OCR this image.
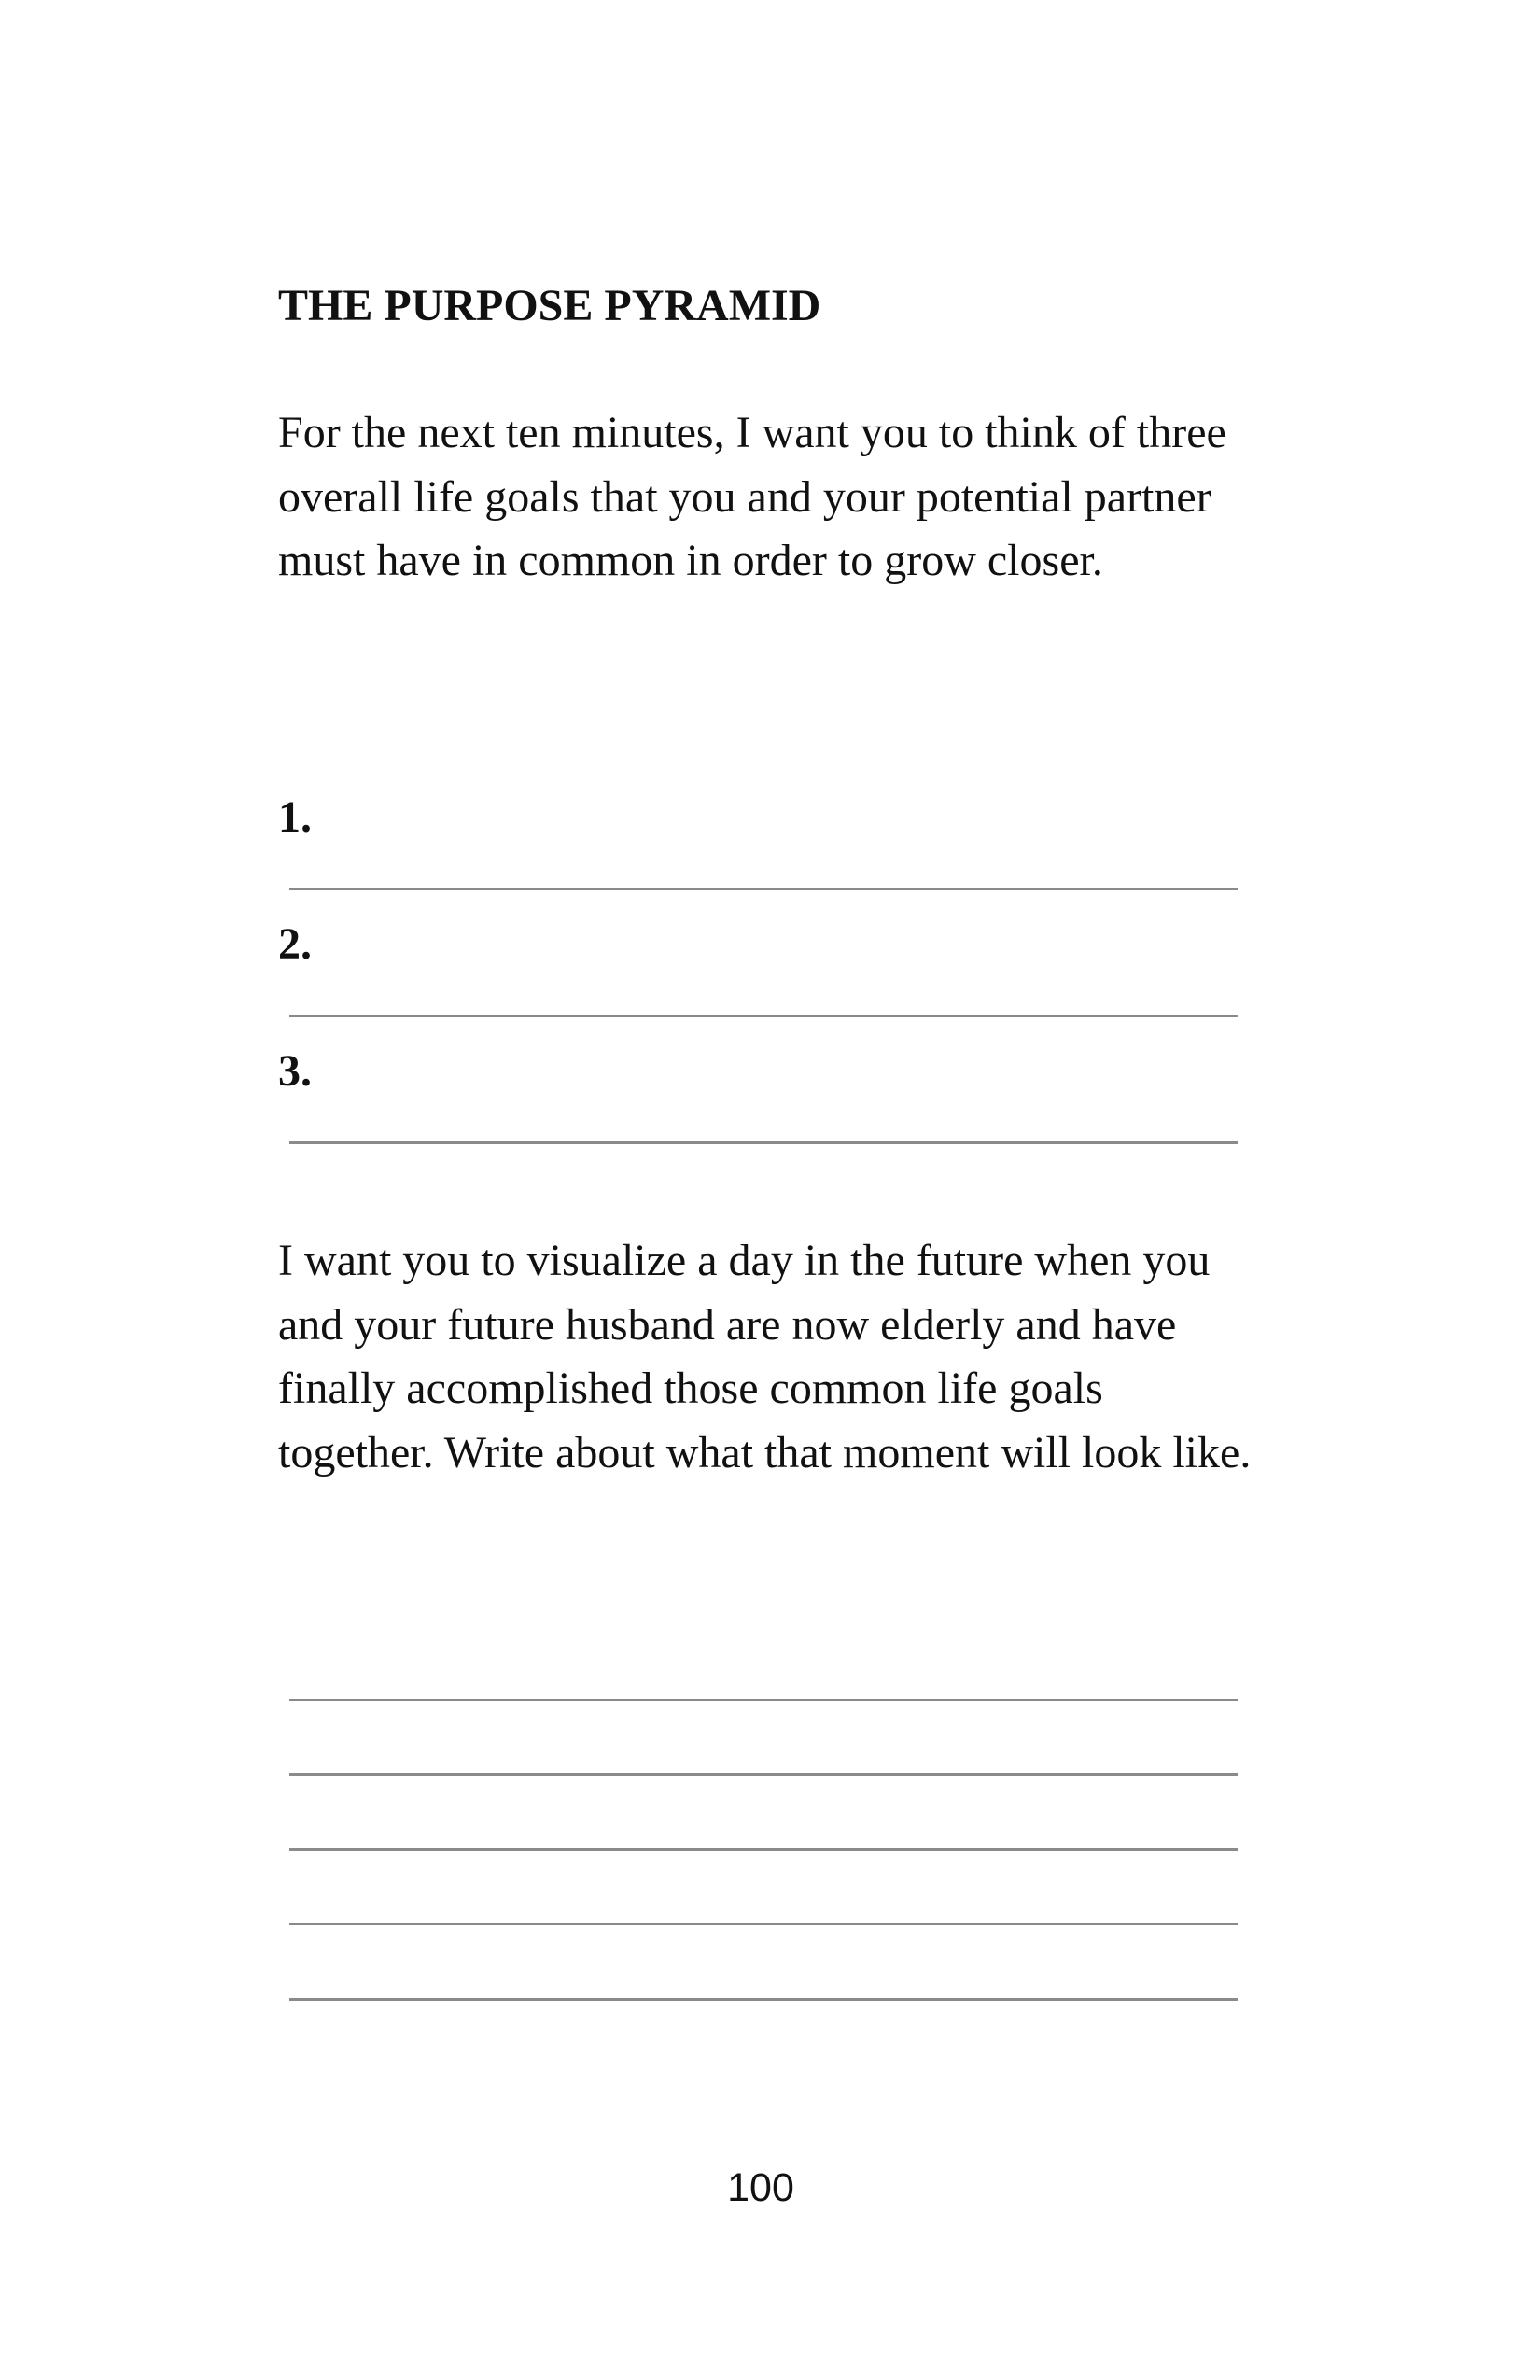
THE PURPOSE PYRAMID

For the next ten minutes, I want you to think of three overall life goals that you and your potential partner must have in common in order to grow closer.

1.
2.
3.

I want you to visualize a day in the future when you and your future husband are now elderly and have finally accomplished those common life goals together. Write about what that moment will look like.

100
